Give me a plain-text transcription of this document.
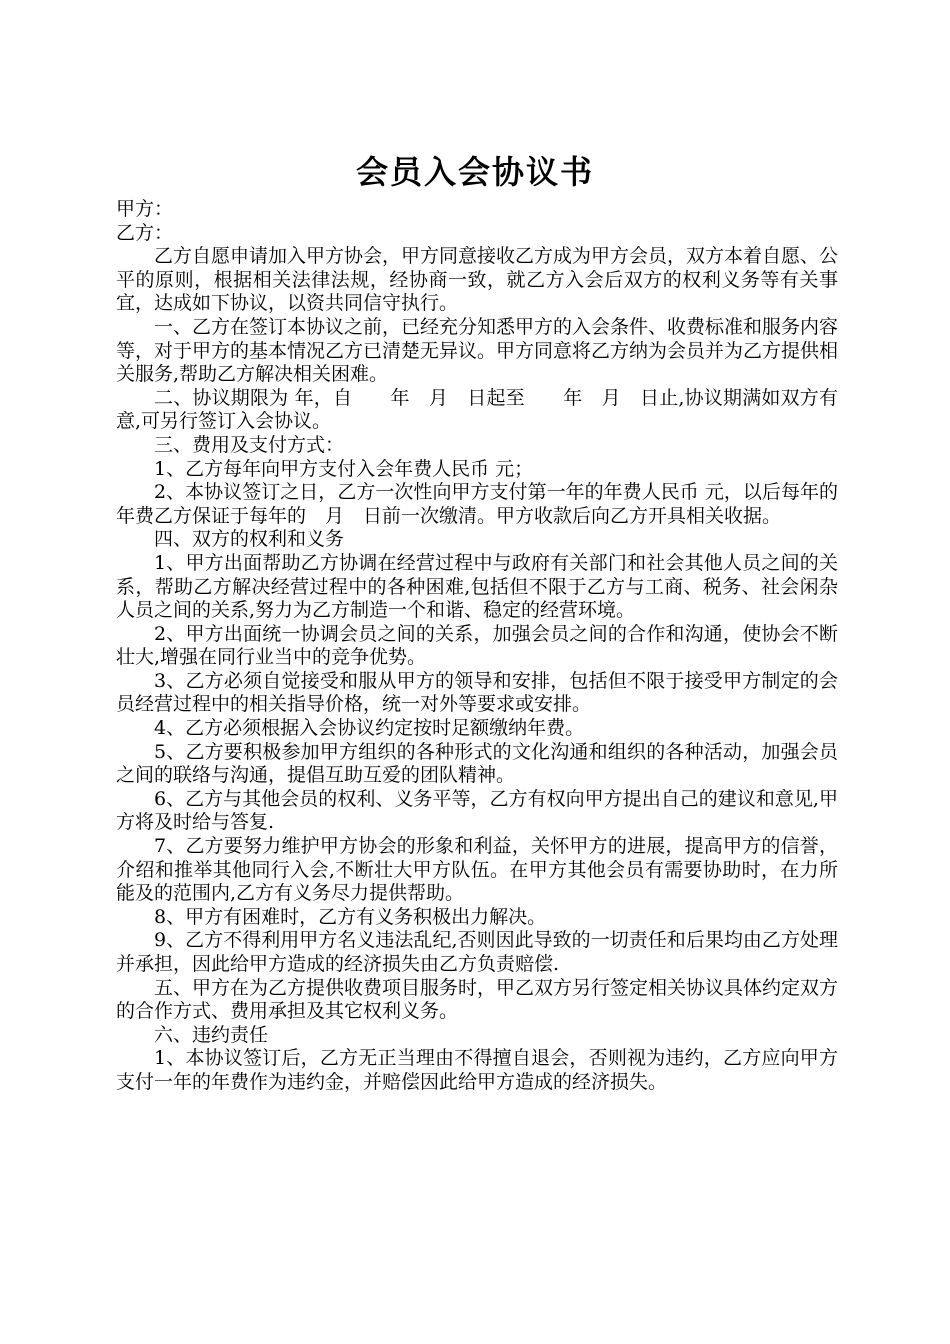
会员入会协议书

甲方：

乙方：

乙方自愿申请加入甲方协会，甲方同意接收乙方成为甲方会员，双方本着自愿、公平的原则，根据相关法律法规，经协商一致，就乙方入会后双方的权利义务等有关事宜，达成如下协议，以资共同信守执行。

一、乙方在签订本协议之前，已经充分知悉甲方的入会条件、收费标准和服务内容等，对于甲方的基本情况乙方已清楚无异议。甲方同意将乙方纳为会员并为乙方提供相关服务,帮助乙方解决相关困难。

二、协议期限为 年，自　　年　月　日起至　　年　月　日止,协议期满如双方有意,可另行签订入会协议。

三、费用及支付方式：

1、乙方每年向甲方支付入会年费人民币 元；

2、本协议签订之日，乙方一次性向甲方支付第一年的年费人民币 元，以后每年的年费乙方保证于每年的　月　日前一次缴清。甲方收款后向乙方开具相关收据。

四、双方的权利和义务

1、甲方出面帮助乙方协调在经营过程中与政府有关部门和社会其他人员之间的关系，帮助乙方解决经营过程中的各种困难,包括但不限于乙方与工商、税务、社会闲杂人员之间的关系,努力为乙方制造一个和谐、稳定的经营环境。

2、甲方出面统一协调会员之间的关系，加强会员之间的合作和沟通，使协会不断壮大,增强在同行业当中的竞争优势。

3、乙方必须自觉接受和服从甲方的领导和安排，包括但不限于接受甲方制定的会员经营过程中的相关指导价格，统一对外等要求或安排。

4、乙方必须根据入会协议约定按时足额缴纳年费。

5、乙方要积极参加甲方组织的各种形式的文化沟通和组织的各种活动，加强会员之间的联络与沟通，提倡互助互爱的团队精神。

6、乙方与其他会员的权利、义务平等，乙方有权向甲方提出自己的建议和意见,甲方将及时给与答复.

7、乙方要努力维护甲方协会的形象和利益，关怀甲方的进展，提高甲方的信誉，介绍和推举其他同行入会,不断壮大甲方队伍。在甲方其他会员有需要协助时，在力所能及的范围内,乙方有义务尽力提供帮助。

8、甲方有困难时，乙方有义务积极出力解决。

9、乙方不得利用甲方名义违法乱纪,否则因此导致的一切责任和后果均由乙方处理并承担，因此给甲方造成的经济损失由乙方负责赔偿.

五、甲方在为乙方提供收费项目服务时，甲乙双方另行签定相关协议具体约定双方的合作方式、费用承担及其它权利义务。

六、违约责任

1、本协议签订后，乙方无正当理由不得擅自退会，否则视为违约，乙方应向甲方支付一年的年费作为违约金，并赔偿因此给甲方造成的经济损失。
